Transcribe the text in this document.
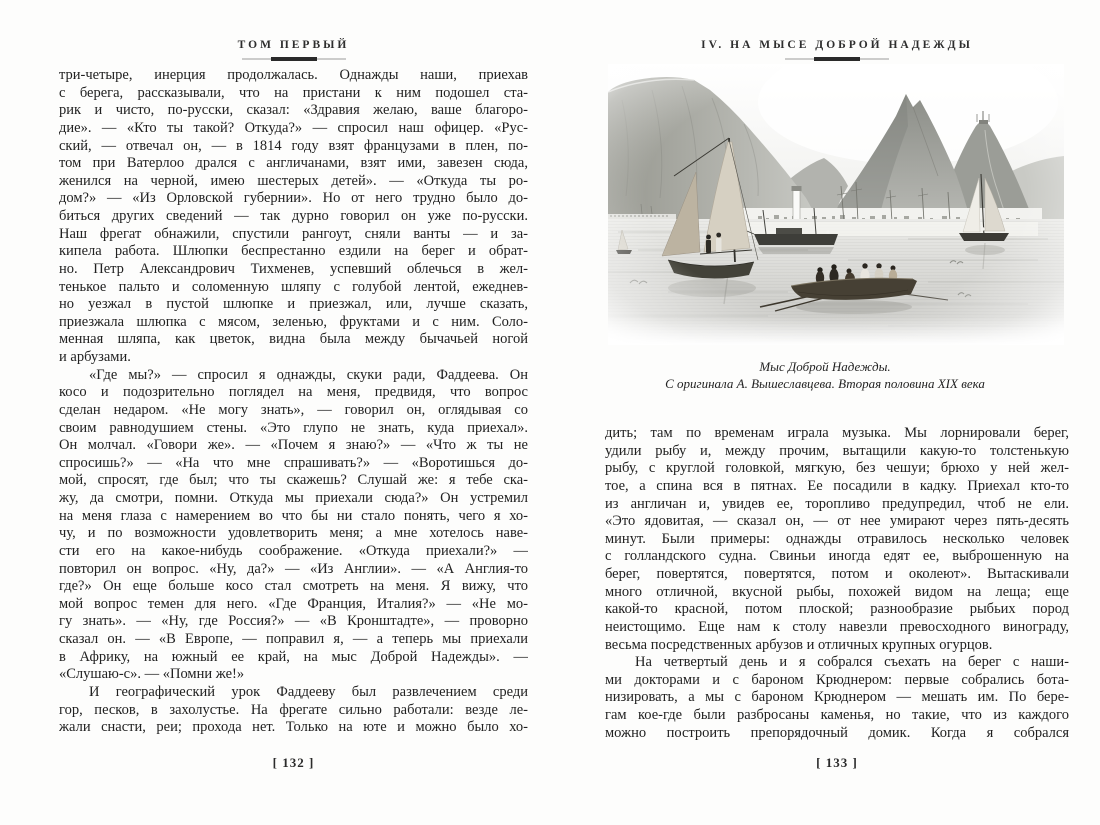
ТОМ ПЕРВЫЙ
три-четыре, инерция продолжалась. Однажды наши, приехав
с берега, рассказывали, что на пристани к ним подошел ста-
рик и чисто, по-русски, сказал: «Здравия желаю, ваше благоро-
дие». — «Кто ты такой? Откуда?» — спросил наш офицер. «Рус-
ский, — отвечал он, — в 1814 году взят французами в плен, по-
том при Ватерлоо дрался с англичанами, взят ими, завезен сюда,
женился на черной, имею шестерых детей». — «Откуда ты ро-
дом?» — «Из Орловской губернии». Но от него трудно было до-
биться других сведений — так дурно говорил он уже по-русски.
Наш фрегат обнажили, спустили рангоут, сняли ванты — и за-
кипела работа. Шлюпки беспрестанно ездили на берег и обрат-
но. Петр Александрович Тихменев, успевший облечься в жел-
тенькое пальто и соломенную шляпу с голубой лентой, ежеднев-
но уезжал в пустой шлюпке и приезжал, или, лучше сказать,
приезжала шлюпка с мясом, зеленью, фруктами и с ним. Соло-
менная шляпа, как цветок, видна была между бычачьей ногой
и арбузами.
«Где мы?» — спросил я однажды, скуки ради, Фаддеева. Он
косо и подозрительно поглядел на меня, предвидя, что вопрос
сделан недаром. «Не могу знать», — говорил он, оглядывая со
своим равнодушием стены. «Это глупо не знать, куда приехал».
Он молчал. «Говори же». — «Почем я знаю?» — «Что ж ты не
спросишь?» — «На что мне спрашивать?» — «Воротишься до-
мой, спросят, где был; что ты скажешь? Слушай же: я тебе ска-
жу, да смотри, помни. Откуда мы приехали сюда?» Он устремил
на меня глаза с намерением во что бы ни стало понять, чего я хо-
чу, и по возможности удовлетворить меня; а мне хотелось наве-
сти его на какое-нибудь соображение. «Откуда приехали?» —
повторил он вопрос. «Ну, да?» — «Из Англии». — «А Англия-то
где?» Он еще больше косо стал смотреть на меня. Я вижу, что
мой вопрос темен для него. «Где Франция, Италия?» — «Не мо-
гу знать». — «Ну, где Россия?» — «В Кронштадте», — проворно
сказал он. — «В Европе, — поправил я, — а теперь мы приехали
в Африку, на южный ее край, на мыс Доброй Надежды». —
«Слушаю-с». — «Помни же!»
И географический урок Фаддееву был развлечением среди
гор, песков, в захолустье. На фрегате сильно работали: везде ле-
жали снасти, реи; прохода нет. Только на юте и можно было хо-
[ 132 ]
IV. НА МЫСЕ ДОБРОЙ НАДЕЖДЫ
Мыс Доброй Надежды.
С оригинала А. Вышеславцева. Вторая половина XIX века
дить; там по временам играла музыка. Мы лорнировали берег,
удили рыбу и, между прочим, вытащили какую-то толстенькую
рыбу, с круглой головкой, мягкую, без чешуи; брюхо у ней жел-
тое, а спина вся в пятнах. Ее посадили в кадку. Приехал кто-то
из англичан и, увидев ее, торопливо предупредил, чтоб не ели.
«Это ядовитая, — сказал он, — от нее умирают через пять-десять
минут. Были примеры: однажды отравилось несколько человек
с голландского судна. Свиньи иногда едят ее, выброшенную на
берег, повертятся, повертятся, потом и околеют». Вытаскивали
много отличной, вкусной рыбы, похожей видом на леща; еще
какой-то красной, потом плоской; разнообразие рыбьих пород
неистощимо. Еще нам к столу навезли превосходного винограду,
весьма посредственных арбузов и отличных крупных огурцов.
На четвертый день и я собрался съехать на берег с наши-
ми докторами и с бароном Крюднером: первые собрались бота-
низировать, а мы с бароном Крюднером — мешать им. По бере-
гам кое-где были разбросаны каменья, но такие, что из каждого
можно построить препорядочный домик. Когда я собрался
[ 133 ]
